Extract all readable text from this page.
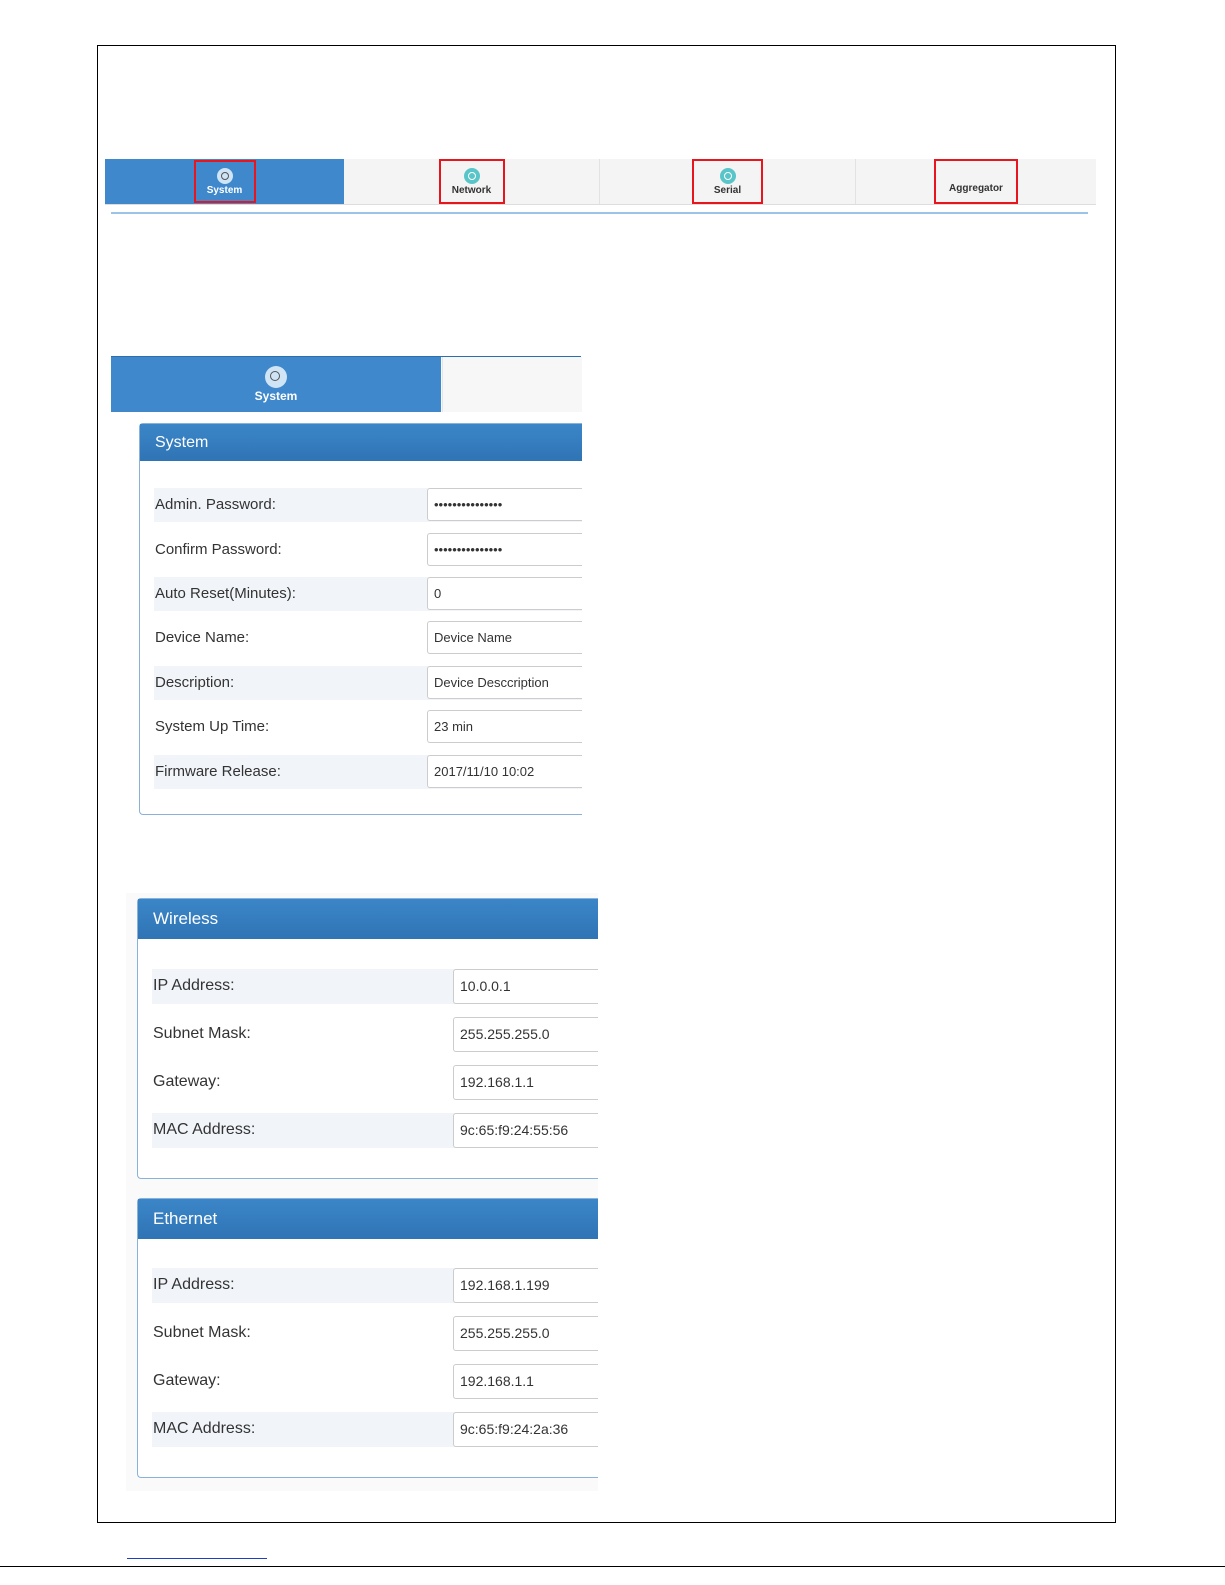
System	Network	Serial	Aggregator
System
System
Admin. Password:	•••••••••••••••
Confirm Password:	•••••••••••••••
Auto Reset(Minutes):	0
Device Name:	Device Name
Description:	Device Desccription
System Up Time:	23 min
Firmware Release:	2017/11/10 10:02
Wireless
IP Address:	10.0.0.1
Subnet Mask:	255.255.255.0
Gateway:	192.168.1.1
MAC Address:	9c:65:f9:24:55:56
Ethernet
IP Address:	192.168.1.199
Subnet Mask:	255.255.255.0
Gateway:	192.168.1.1
MAC Address:	9c:65:f9:24:2a:36
